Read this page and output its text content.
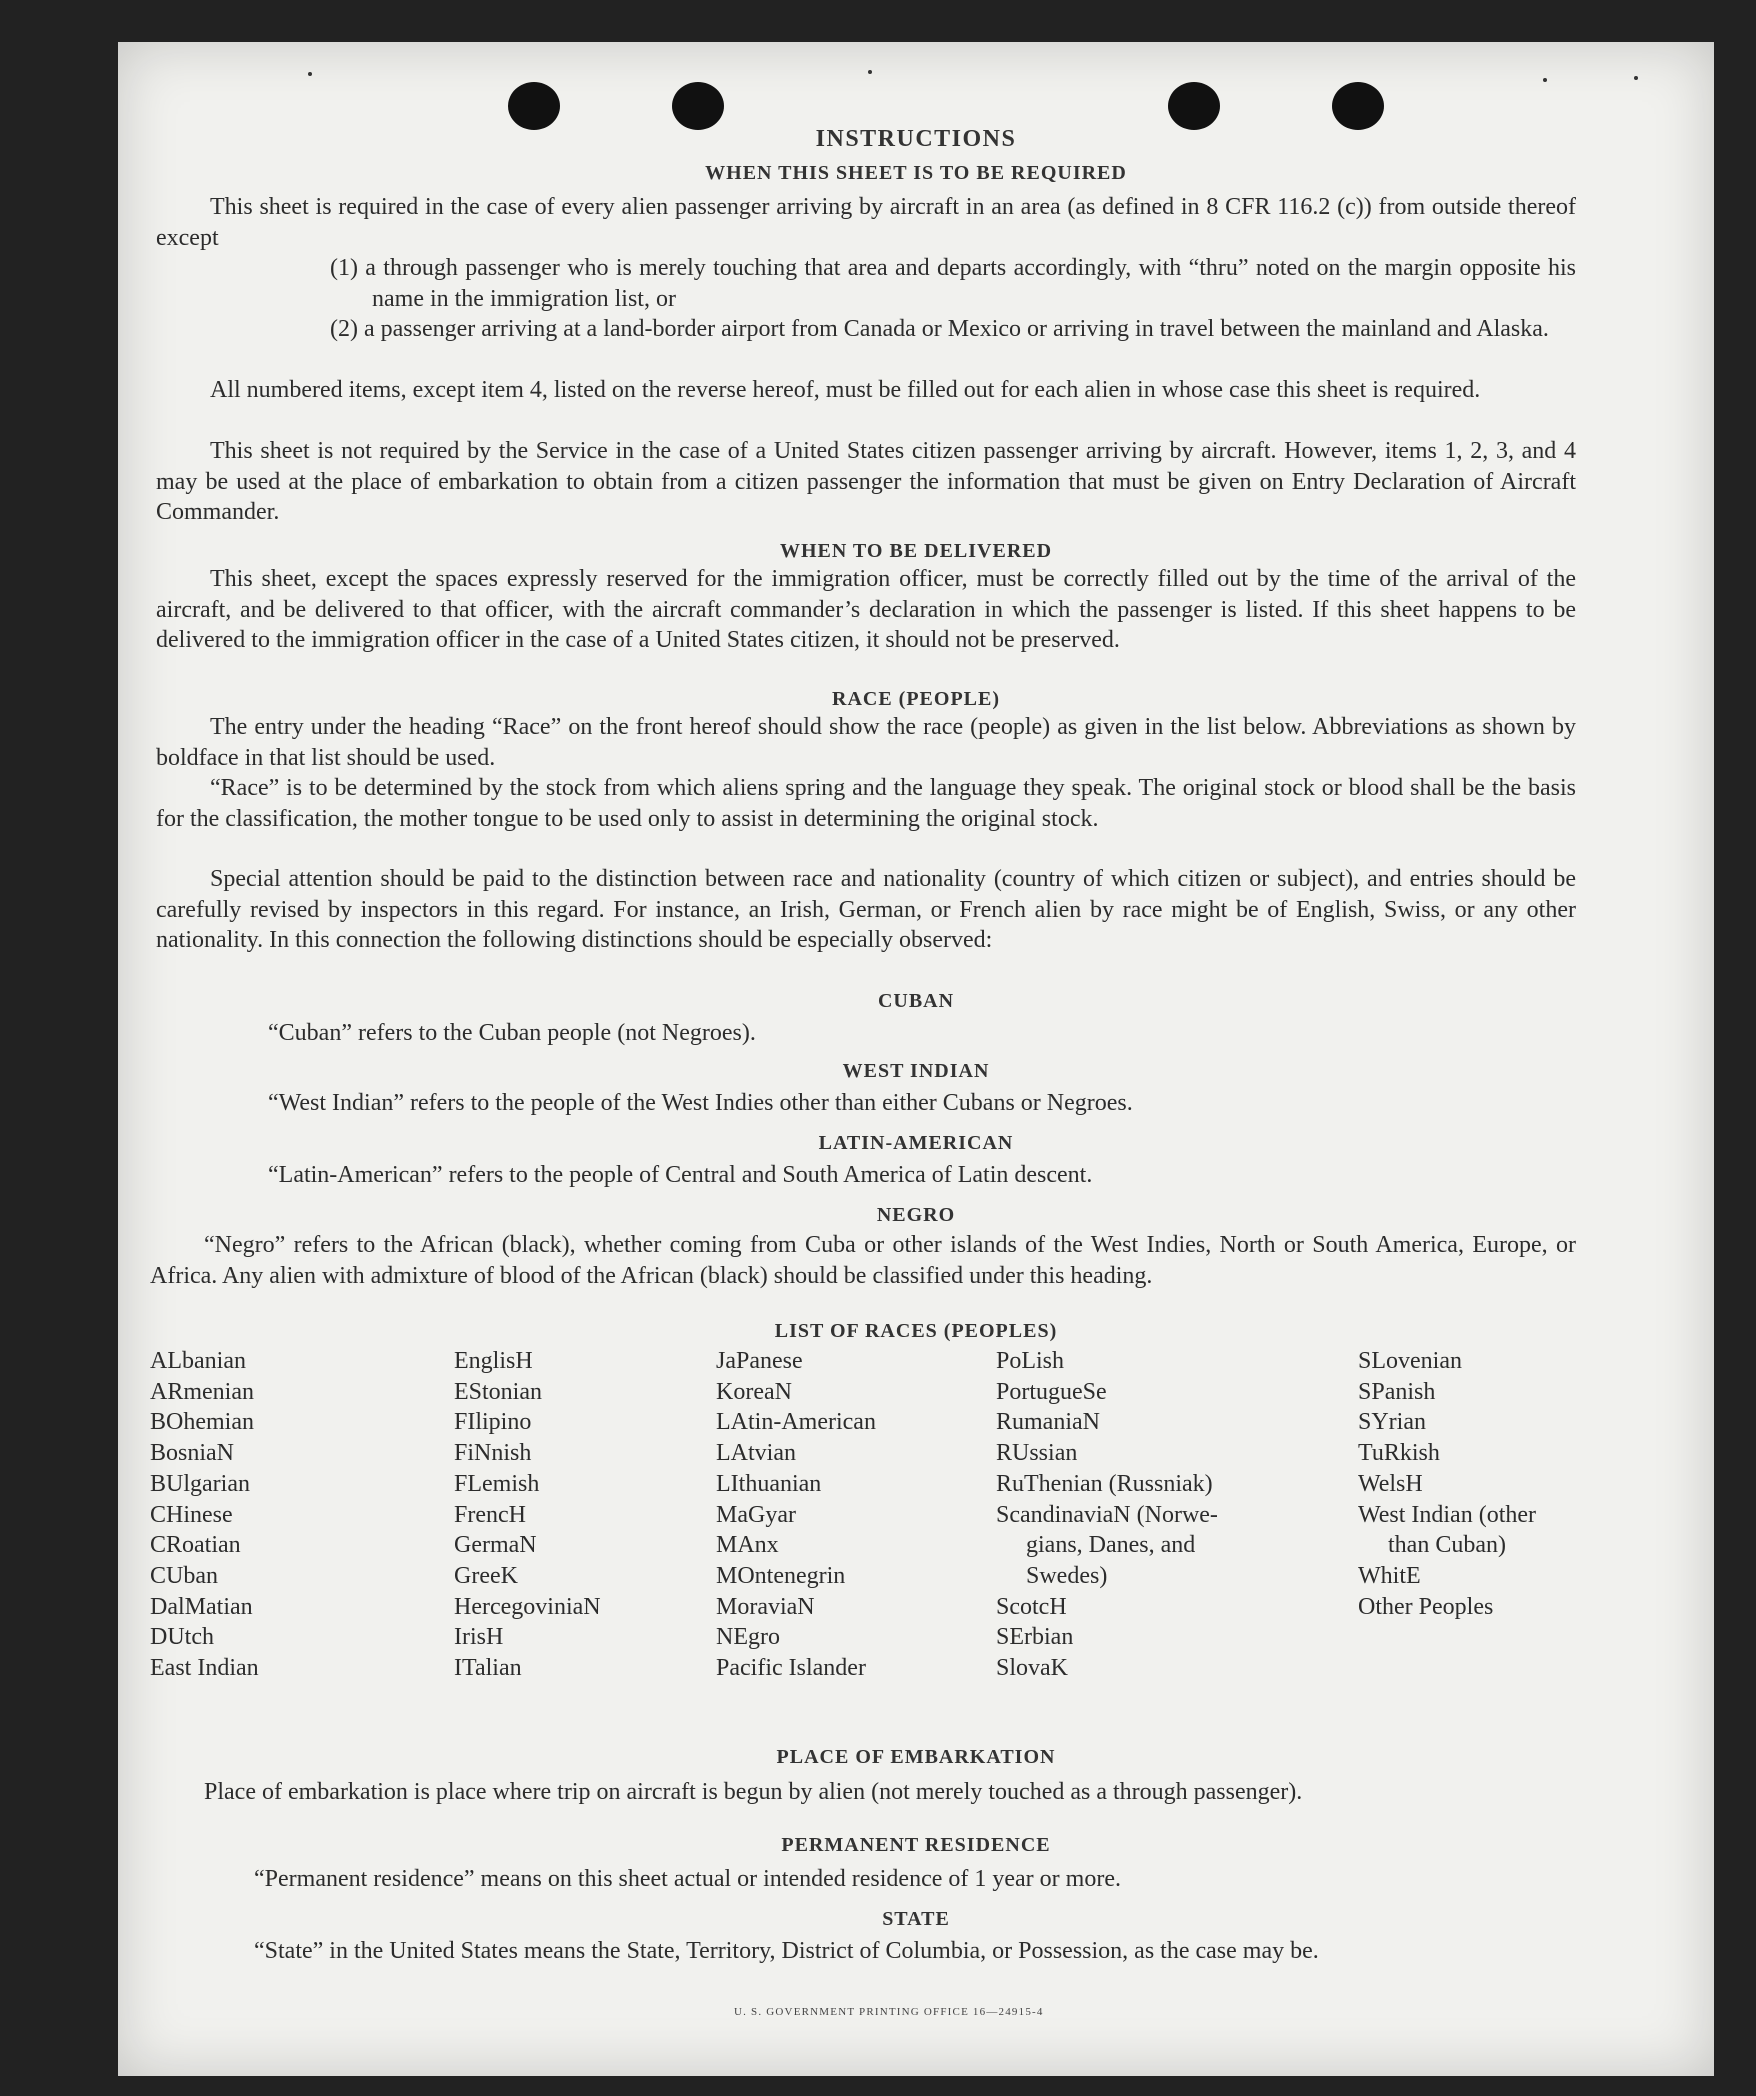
INSTRUCTIONS
WHEN THIS SHEET IS TO BE REQUIRED
This sheet is required in the case of every alien passenger arriving by aircraft in an area (as defined in 8 CFR 116.2 (c)) from outside thereof except
(1) a through passenger who is merely touching that area and departs accordingly, with “thru” noted on the margin opposite his name in the immigration list, or
(2) a passenger arriving at a land-border airport from Canada or Mexico or arriving in travel between the mainland and Alaska.
All numbered items, except item 4, listed on the reverse hereof, must be filled out for each alien in whose case this sheet is required.
This sheet is not required by the Service in the case of a United States citizen passenger arriving by aircraft. However, items 1, 2, 3, and 4 may be used at the place of embarkation to obtain from a citizen passenger the information that must be given on Entry Declaration of Aircraft Commander.
WHEN TO BE DELIVERED
This sheet, except the spaces expressly reserved for the immigration officer, must be correctly filled out by the time of the arrival of the aircraft, and be delivered to that officer, with the aircraft commander’s declaration in which the passenger is listed. If this sheet happens to be delivered to the immigration officer in the case of a United States citizen, it should not be preserved.
RACE (PEOPLE)
The entry under the heading “Race” on the front hereof should show the race (people) as given in the list below. Abbreviations as shown by boldface in that list should be used.
“Race” is to be determined by the stock from which aliens spring and the language they speak. The original stock or blood shall be the basis for the classification, the mother tongue to be used only to assist in determining the original stock.
Special attention should be paid to the distinction between race and nationality (country of which citizen or subject), and entries should be carefully revised by inspectors in this regard. For instance, an Irish, German, or French alien by race might be of English, Swiss, or any other nationality. In this connection the following distinctions should be especially observed:
CUBAN
“Cuban” refers to the Cuban people (not Negroes).
WEST INDIAN
“West Indian” refers to the people of the West Indies other than either Cubans or Negroes.
LATIN-AMERICAN
“Latin-American” refers to the people of Central and South America of Latin descent.
NEGRO
“Negro” refers to the African (black), whether coming from Cuba or other islands of the West Indies, North or South America, Europe, or Africa. Any alien with admixture of blood of the African (black) should be classified under this heading.
LIST OF RACES (PEOPLES)
ALbanian
ARmenian
BOhemian
BosniaN
BUlgarian
CHinese
CRoatian
CUban
DalMatian
DUtch
East Indian
EnglisH
EStonian
FIlipino
FiNnish
FLemish
FrencH
GermaN
GreeK
HercegoviniaN
IrisH
ITalian
JaPanese
KoreaN
LAtin-American
LAtvian
LIthuanian
MaGyar
MAnx
MOntenegrin
MoraviaN
NEgro
Pacific Islander
PoLish
PortugueSe
RumaniaN
RUssian
RuThenian (Russniak)
ScandinaviaN (Norwe-
gians, Danes, and
Swedes)
ScotcH
SErbian
SlovaK
SLovenian
SPanish
SYrian
TuRkish
WelsH
West Indian (other
than Cuban)
WhitE
Other Peoples
PLACE OF EMBARKATION
Place of embarkation is place where trip on aircraft is begun by alien (not merely touched as a through passenger).
PERMANENT RESIDENCE
“Permanent residence” means on this sheet actual or intended residence of 1 year or more.
STATE
“State” in the United States means the State, Territory, District of Columbia, or Possession, as the case may be.
U. S. GOVERNMENT PRINTING OFFICE 16—24915-4
